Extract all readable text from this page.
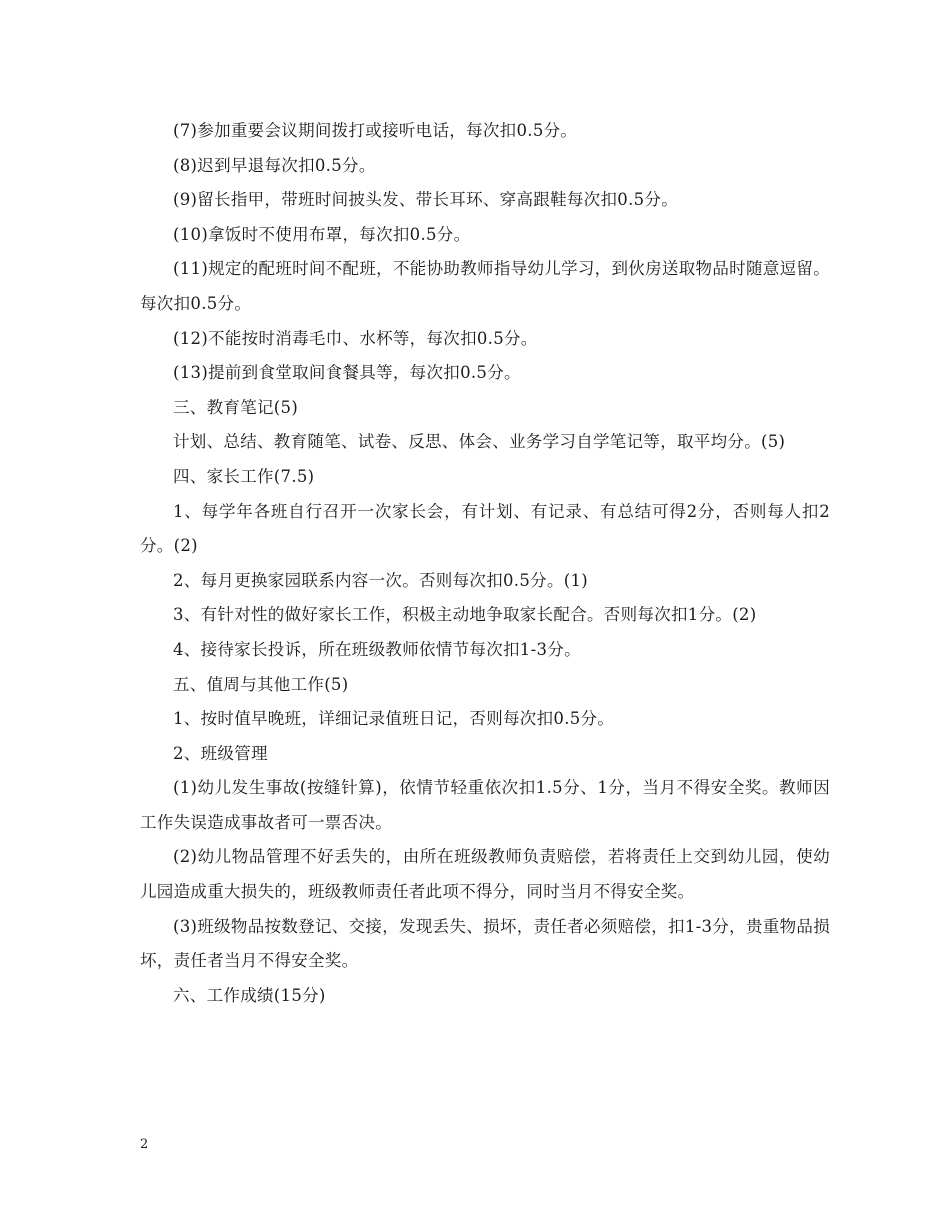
(7)参加重要会议期间拨打或接听电话，每次扣0.5分。

(8)迟到早退每次扣0.5分。

(9)留长指甲，带班时间披头发、带长耳环、穿高跟鞋每次扣0.5分。

(10)拿饭时不使用布罩，每次扣0.5分。

(11)规定的配班时间不配班，不能协助教师指导幼儿学习，到伙房送取物品时随意逗留。每次扣0.5分。

(12)不能按时消毒毛巾、水杯等，每次扣0.5分。

(13)提前到食堂取间食餐具等，每次扣0.5分。

三、教育笔记(5)

计划、总结、教育随笔、试卷、反思、体会、业务学习自学笔记等，取平均分。(5)

四、家长工作(7.5)

1、每学年各班自行召开一次家长会，有计划、有记录、有总结可得2分，否则每人扣2分。(2)

2、每月更换家园联系内容一次。否则每次扣0.5分。(1)

3、有针对性的做好家长工作，积极主动地争取家长配合。否则每次扣1分。(2)

4、接待家长投诉，所在班级教师依情节每次扣1-3分。

五、值周与其他工作(5)

1、按时值早晚班，详细记录值班日记，否则每次扣0.5分。

2、班级管理

(1)幼儿发生事故(按缝针算)，依情节轻重依次扣1.5分、1分，当月不得安全奖。教师因工作失误造成事故者可一票否决。

(2)幼儿物品管理不好丢失的，由所在班级教师负责赔偿，若将责任上交到幼儿园，使幼儿园造成重大损失的，班级教师责任者此项不得分，同时当月不得安全奖。

(3)班级物品按数登记、交接，发现丢失、损坏，责任者必须赔偿，扣1-3分，贵重物品损坏，责任者当月不得安全奖。

六、工作成绩(15分)

2
